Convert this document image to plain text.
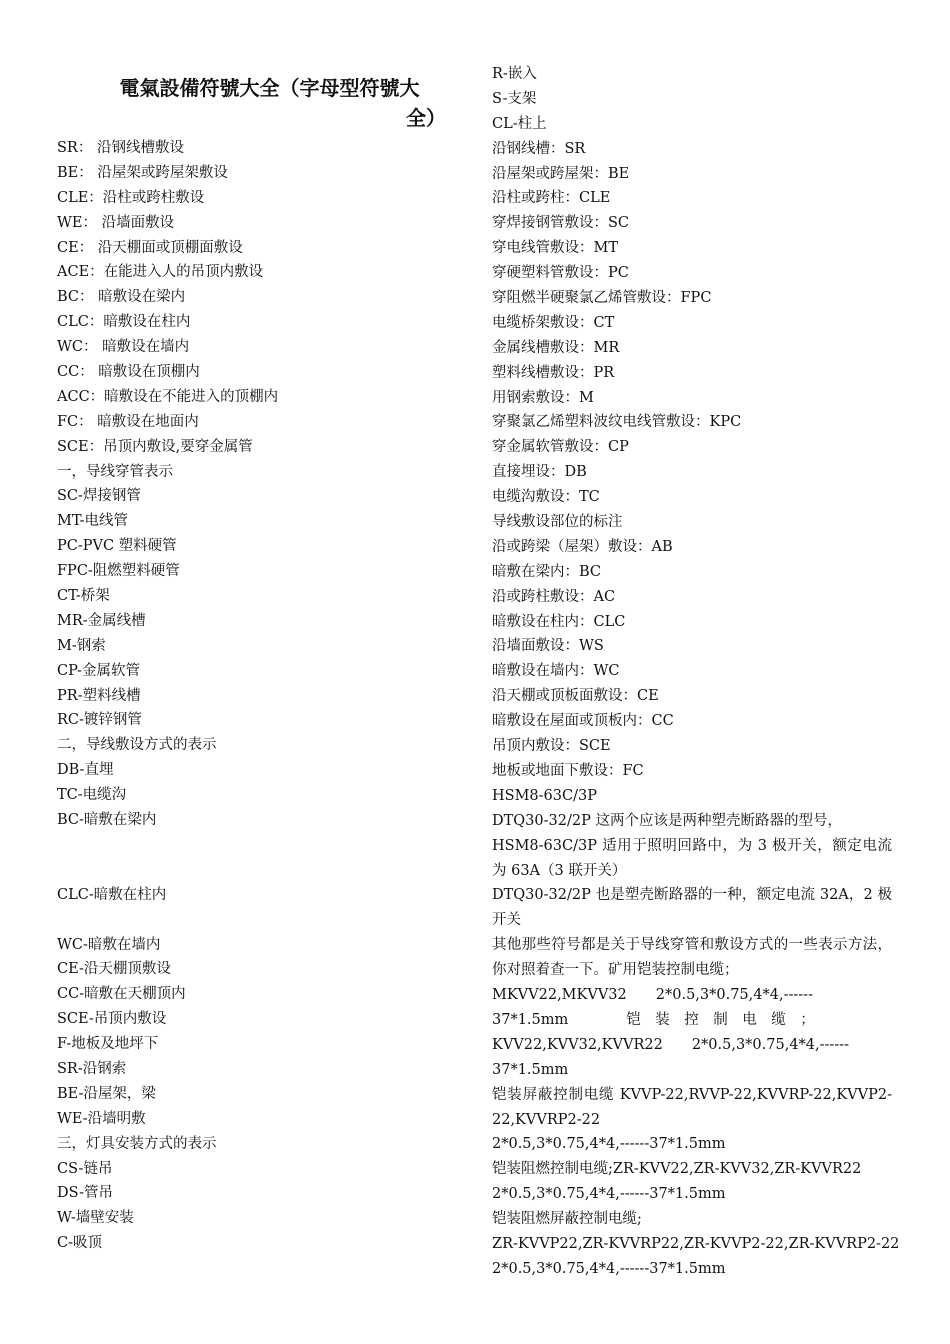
電氣設備符號大全（字母型符號大
全）
SR： 沿钢线槽敷设
BE： 沿屋架或跨屋架敷设
CLE：沿柱或跨柱敷设
WE： 沿墙面敷设
CE： 沿天棚面或顶棚面敷设
ACE：在能进入人的吊顶内敷设
BC： 暗敷设在梁内
CLC：暗敷设在柱内
WC： 暗敷设在墙内
CC： 暗敷设在顶棚内
ACC：暗敷设在不能进入的顶棚内
FC： 暗敷设在地面内
SCE：吊顶内敷设,要穿金属管
一，导线穿管表示
SC-焊接钢管
MT-电线管
PC-PVC 塑料硬管
FPC-阻燃塑料硬管
CT-桥架
MR-金属线槽
M-钢索
CP-金属软管
PR-塑料线槽
RC-镀锌钢管
二，导线敷设方式的表示
DB-直埋
TC-电缆沟
BC-暗敷在梁内
CLC-暗敷在柱内
WC-暗敷在墙内
CE-沿天棚顶敷设
CC-暗敷在天棚顶内
SCE-吊顶内敷设
F-地板及地坪下
SR-沿钢索
BE-沿屋架，梁
WE-沿墙明敷
三，灯具安装方式的表示
CS-链吊
DS-管吊
W-墙壁安装
C-吸顶
R-嵌入
S-支架
CL-柱上
沿钢线槽：SR
沿屋架或跨屋架：BE
沿柱或跨柱：CLE
穿焊接钢管敷设：SC
穿电线管敷设：MT
穿硬塑料管敷设：PC
穿阻燃半硬聚氯乙烯管敷设：FPC
电缆桥架敷设：CT
金属线槽敷设：MR
塑料线槽敷设：PR
用钢索敷设：M
穿聚氯乙烯塑料波纹电线管敷设：KPC
穿金属软管敷设：CP
直接埋设：DB
电缆沟敷设：TC
导线敷设部位的标注
沿或跨梁（屋架）敷设：AB
暗敷在梁内：BC
沿或跨柱敷设：AC
暗敷设在柱内：CLC
沿墙面敷设：WS
暗敷设在墙内：WC
沿天棚或顶板面敷设：CE
暗敷设在屋面或顶板内：CC
吊顶内敷设：SCE
地板或地面下敷设：FC
HSM8-63C/3P
DTQ30-32/2P 这两个应该是两种塑壳断路器的型号，
HSM8-63C/3P 适用于照明回路中，为 3 极开关，额定电流为 63A（3 联开关）
DTQ30-32/2P 也是塑壳断路器的一种，额定电流 32A，2 极开关
其他那些符号都是关于导线穿管和敷设方式的一些表示方法，你对照着查一下。矿用铠装控制电缆；
MKVV22,MKVV32　　2*0.5,3*0.75,4*4,------
37*1.5mm　　　　铠　装　控　制　电　缆　；
KVV22,KVV32,KVVR22　　2*0.5,3*0.75,4*4,------
37*1.5mm
铠装屏蔽控制电缆 KVVP-22,RVVP-22,KVVRP-22,KVVP2-22,KVVRP2-22
2*0.5,3*0.75,4*4,------37*1.5mm
铠装阻燃控制电缆;ZR-KVV22,ZR-KVV32,ZR-KVVR22
2*0.5,3*0.75,4*4,------37*1.5mm
铠装阻燃屏蔽控制电缆;
ZR-KVVP22,ZR-KVVRP22,ZR-KVVP2-22,ZR-KVVRP2-22
2*0.5,3*0.75,4*4,------37*1.5mm
